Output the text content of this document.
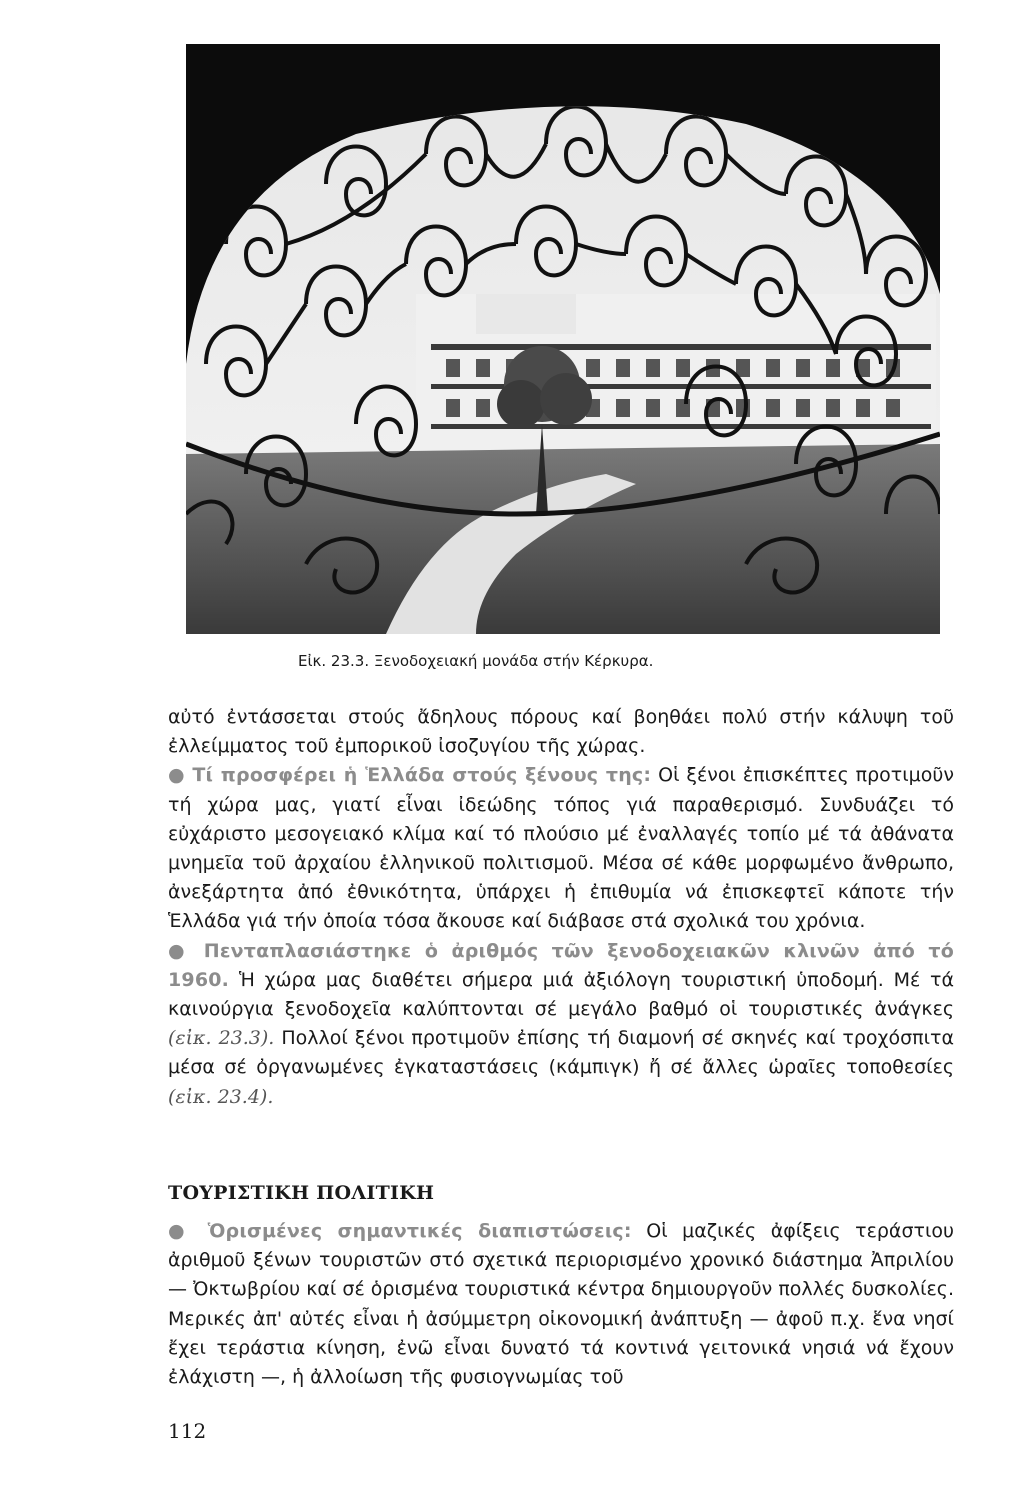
Εἰκ. 23.3. Ξενοδοχειακή μονάδα στήν Κέρκυρα.

αὐτό ἐντάσσεται στούς ἄδηλους πόρους καί βοηθάει πολύ στήν κάλυψη τοῦ ἐλλείμματος τοῦ ἐμπορικοῦ ἰσοζυγίου τῆς χώρας.

● Τί προσφέρει ἡ Ἑλλάδα στούς ξένους της: Οἱ ξένοι ἐπισκέπτες προτιμοῦν τή χώρα μας, γιατί εἶναι ἰδεώδης τόπος γιά παραθερισμό. Συνδυάζει τό εὐχάριστο μεσογειακό κλίμα καί τό πλούσιο μέ ἐναλλαγές τοπίο μέ τά ἀθάνατα μνημεῖα τοῦ ἀρχαίου ἑλληνικοῦ πολιτισμοῦ. Μέσα σέ κάθε μορφωμένο ἄνθρωπο, ἀνεξάρτητα ἀπό ἐθνικότητα, ὑπάρχει ἡ ἐπιθυμία νά ἐπισκεφτεῖ κάποτε τήν Ἑλλάδα γιά τήν ὁποία τόσα ἄκουσε καί διάβασε στά σχολικά του χρόνια.

● Πενταπλασιάστηκε ὁ ἀριθμός τῶν ξενοδοχειακῶν κλινῶν ἀπό τό 1960. Ἡ χώρα μας διαθέτει σήμερα μιά ἀξιόλογη τουριστική ὑποδομή. Μέ τά καινούργια ξενοδοχεῖα καλύπτονται σέ μεγάλο βαθμό οἱ τουριστικές ἀνάγκες (εἰκ. 23.3). Πολλοί ξένοι προτιμοῦν ἐπίσης τή διαμονή σέ σκηνές καί τροχόσπιτα μέσα σέ ὀργανωμένες ἐγκαταστάσεις (κάμπιγκ) ἤ σέ ἄλλες ὡραῖες τοποθεσίες (εἰκ. 23.4).

ΤΟΥΡΙΣΤΙΚΗ ΠΟΛΙΤΙΚΗ

● Ὁρισμένες σημαντικές διαπιστώσεις: Οἱ μαζικές ἀφίξεις τεράστιου ἀριθμοῦ ξένων τουριστῶν στό σχετικά περιορισμένο χρονικό διάστημα Ἀπριλίου — Ὀκτωβρίου καί σέ ὁρισμένα τουριστικά κέντρα δημιουργοῦν πολλές δυσκολίες. Μερικές ἀπ' αὐτές εἶναι ἡ ἀσύμμετρη οἰκονομική ἀνάπτυξη — ἀφοῦ π.χ. ἕνα νησί ἔχει τεράστια κίνηση, ἐνῶ εἶναι δυνατό τά κοντινά γειτονικά νησιά νά ἔχουν ἐλάχιστη —, ἡ ἀλλοίωση τῆς φυσιογνωμίας τοῦ

112
